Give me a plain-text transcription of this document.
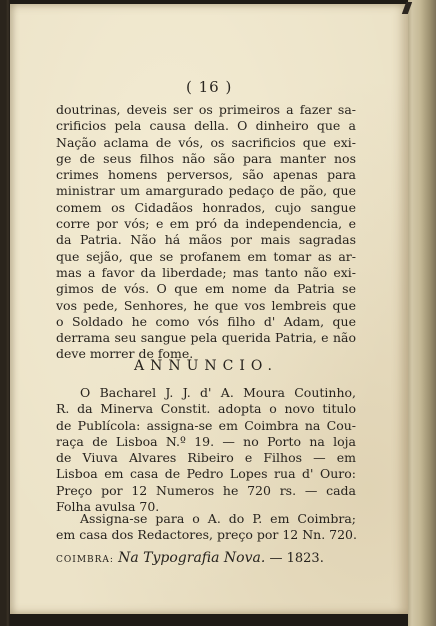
( 16 )
doutrinas, deveis ser os primeiros a fazer sa-
crificios pela causa della. O dinheiro que a
Nação aclama de vós, os sacrificios que exi-
ge de seus filhos não são para manter nos
crimes homens perversos, são apenas para
ministrar um amargurado pedaço de pão, que
comem os Cidadãos honrados, cujo sangue
corre por vós; e em pró da independencia, e
da Patria. Não há mãos por mais sagradas
que sejão, que se profanem em tomar as ar-
mas a favor da liberdade; mas tanto não exi-
gimos de vós. O que em nome da Patria se
vos pede, Senhores, he que vos lembreis que
o Soldado he como vós filho d' Adam, que
derrama seu sangue pela querida Patria, e não
deve morrer de fome.
ANNUNCIO.
O Bacharel J. J. d' A. Moura Coutinho,
R. da Minerva Constit. adopta o novo titulo
de Publícola: assigna-se em Coimbra na Cou-
raça de Lisboa N.º 19. — no Porto na loja
de Viuva Alvares Ribeiro e Filhos — em
Lisboa em casa de Pedro Lopes rua d' Ouro:
Preço por 12 Numeros he 720 rs. — cada
Folha avulsa 70.
Assigna-se para o A. do P. em Coimbra;
em casa dos Redactores, preço por 12 Nn. 720.
COIMBRA: Na Typografia Nova. — 1823.
